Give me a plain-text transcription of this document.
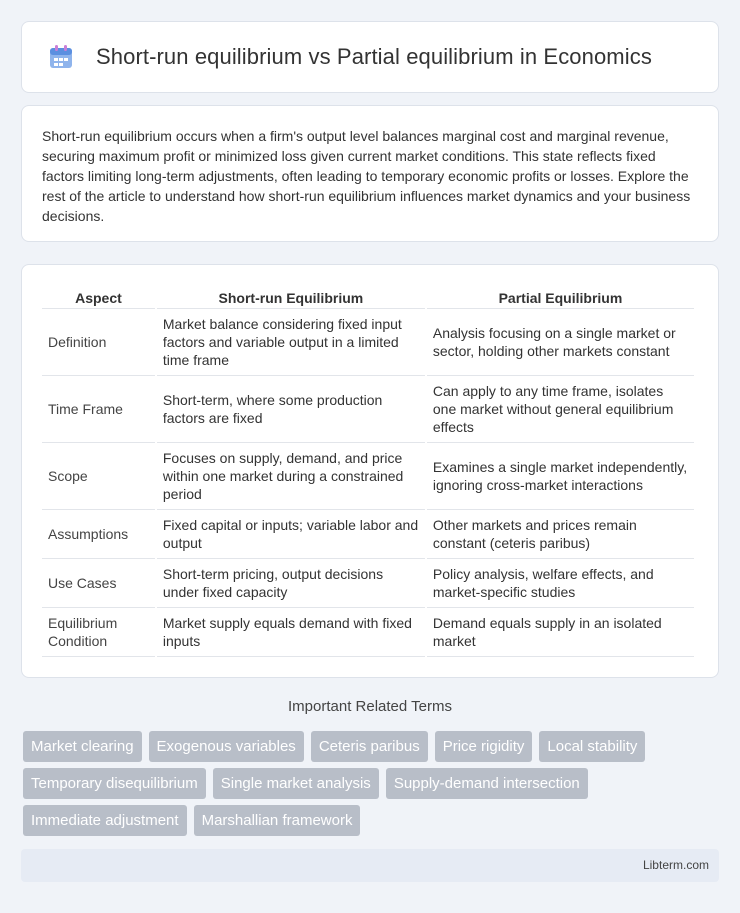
Short-run equilibrium vs Partial equilibrium in Economics

Short-run equilibrium occurs when a firm's output level balances marginal cost and marginal revenue, securing maximum profit or minimized loss given current market conditions. This state reflects fixed factors limiting long-term adjustments, often leading to temporary economic profits or losses. Explore the rest of the article to understand how short-run equilibrium influences market dynamics and your business decisions.

Aspect	Short-run Equilibrium	Partial Equilibrium
Definition	Market balance considering fixed input factors and variable output in a limited time frame	Analysis focusing on a single market or sector, holding other markets constant
Time Frame	Short-term, where some production factors are fixed	Can apply to any time frame, isolates one market without general equilibrium effects
Scope	Focuses on supply, demand, and price within one market during a constrained period	Examines a single market independently, ignoring cross-market interactions
Assumptions	Fixed capital or inputs; variable labor and output	Other markets and prices remain constant (ceteris paribus)
Use Cases	Short-term pricing, output decisions under fixed capacity	Policy analysis, welfare effects, and market-specific studies
Equilibrium Condition	Market supply equals demand with fixed inputs	Demand equals supply in an isolated market
Important Related Terms
Market clearing	Exogenous variables	Ceteris paribus	Price rigidity	Local stability
Temporary disequilibrium	Single market analysis	Supply-demand intersection
Immediate adjustment	Marshallian framework
Libterm.com
